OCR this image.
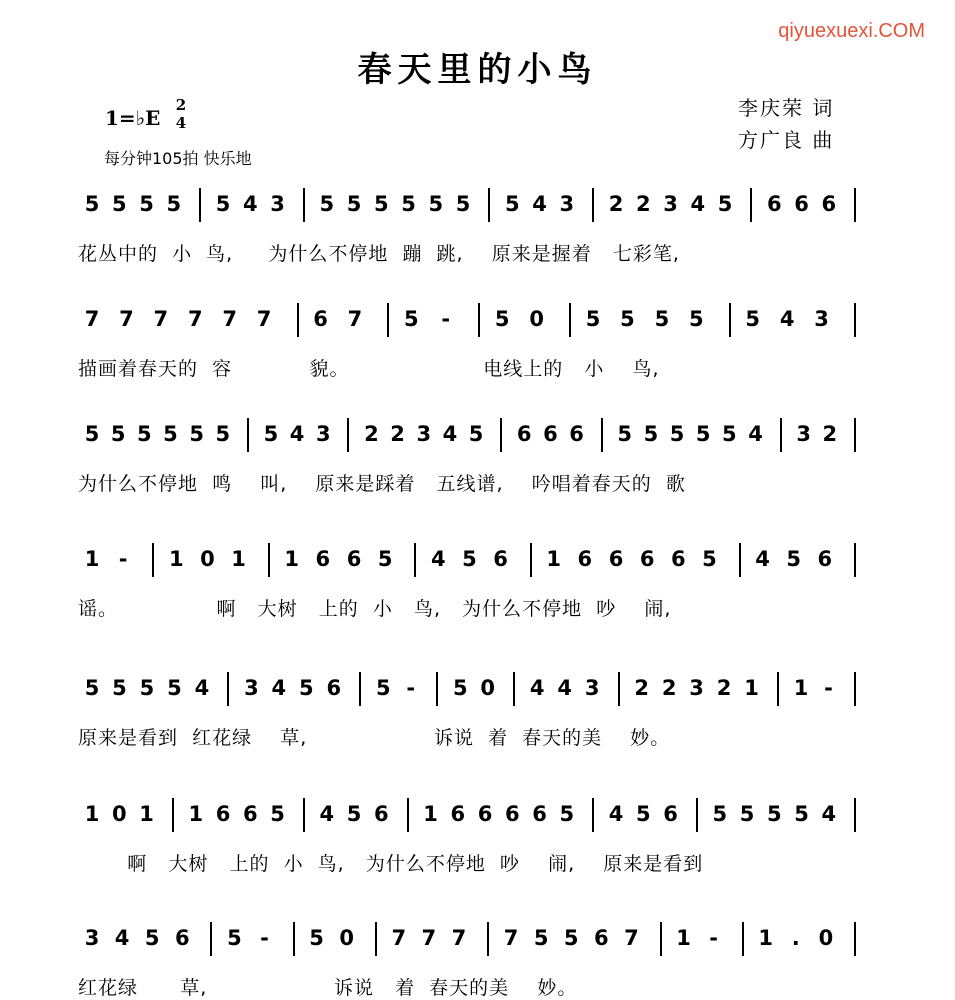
qiyuexuexi.COM
春天里的小鸟
1=♭E
2
4
每分钟105拍 快乐地
李庆荣 词
方广良 曲
5 5 5 5 5 4 3 5 5 5 5 5 5 5 4 3 2 2 3 4 5 6 6 6
花丛中的  小  鸟,     为什么不停地  蹦  跳,    原来是握着   七彩笔,
7 7 7 7 7 7 6 7 5 - 5 0 5 5 5 5 5 4 3
描画着春天的  容           貌。                   电线上的   小    鸟,
5 5 5 5 5 5 5 4 3 2 2 3 4 5 6 6 6 5 5 5 5 5 4 3 2
为什么不停地  鸣    叫,    原来是踩着   五线谱,    吟唱着春天的  歌
1 - 1 0 1 1 6 6 5 4 5 6 1 6 6 6 6 5 4 5 6
谣。              啊   大树   上的  小   鸟,   为什么不停地  吵    闹,
5 5 5 5 4 3 4 5 6 5 - 5 0 4 4 3 2 2 3 2 1 1 -
原来是看到  红花绿    草,                  诉说  着  春天的美    妙。
1 0 1 1 6 6 5 4 5 6 1 6 6 6 6 5 4 5 6 5 5 5 5 4
啊   大树   上的  小  鸟,   为什么不停地  吵    闹,    原来是看到
3 4 5 6 5 - 5 0 7 7 7 7 5 5 6 7 1 - 1 . 0
红花绿      草,                  诉说   着  春天的美    妙。
